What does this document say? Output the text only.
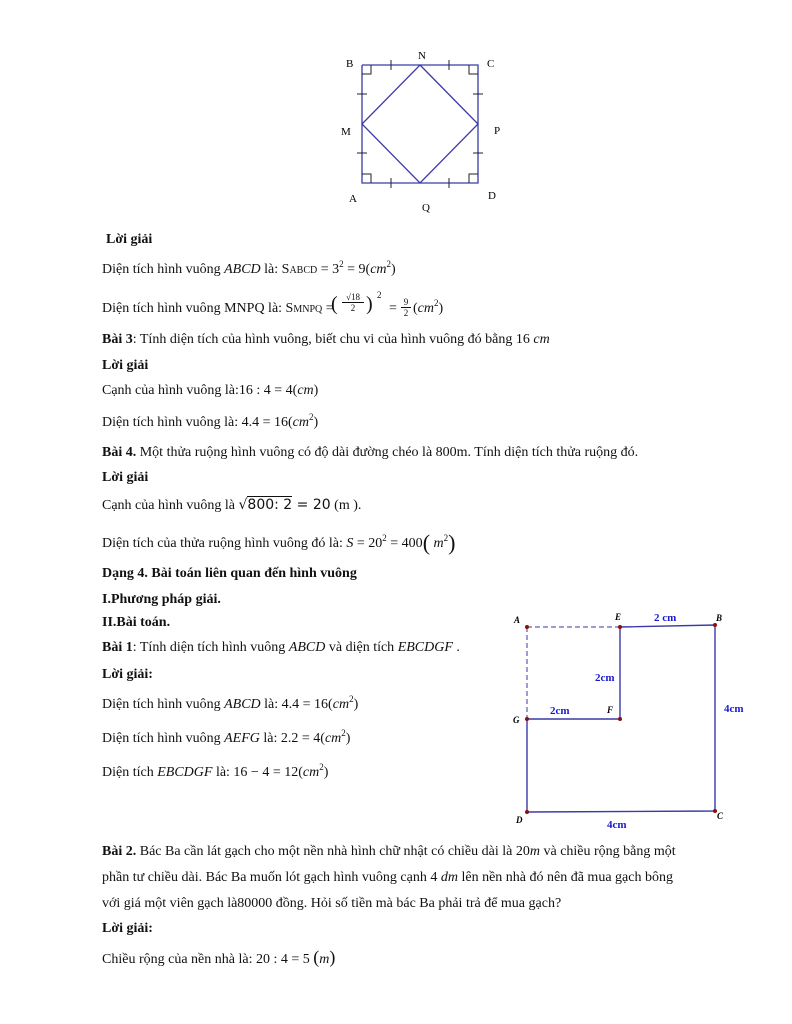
B
N
C
M	P
A
Q
D
Lời giải
Diện tích hình vuông ABCD là: SABCD = $3^2 = 9(cm^2)$
Diện tích hình vuông MNPQ là: SMNPQ =
( √18
2 ) 2
= 9
2 $(cm^2)$
Bài 3: Tính diện tích của hình vuông, biết chu vi của hình vuông đó bằng 16 cm
Lời giải
Cạnh của hình vuông là:16 : 4 = 4(cm)
Diện tích hình vuông là: $4.4 = 16(cm^2)$
Bài 4. Một thửa ruộng hình vuông có độ dài đường chéo là 800m. Tính diện tích thửa ruộng đó.
Lời giải
Cạnh của hình vuông là √800: 2 = 20 (m ).
Diện tích của thửa ruộng hình vuông đó là: $S = 20^2 = 400$( $m^2$)
Dạng 4. Bài toán liên quan đến hình vuông
I.Phương pháp giải.
II.Bài toán.
Bài 1: Tính diện tích hình vuông ABCD và diện tích EBCDGF .
Lời giải:
Diện tích hình vuông ABCD là: $4.4 = 16(cm^2)$
Diện tích hình vuông AEFG là: $2.2 = 4(cm^2)$
Diện tích EBCDGF là: $16 - 4 = 12(cm^2)$
A	E	B
G
F
D	C
2 cm
2cm
2cm	4cm
4cm
Bài 2. Bác Ba cần lát gạch cho một nền nhà hình chữ nhật có chiều dài là 20m và chiều rộng bằng một
phần tư chiều dài. Bác Ba muốn lót gạch hình vuông cạnh 4 dm lên nền nhà đó nên đã mua gạch bông
với giá một viên gạch là80000 đồng. Hỏi số tiền mà bác Ba phải trả để mua gạch?
Lời giải:
Chiều rộng của nền nhà là: 20 : 4 = 5 (m)
